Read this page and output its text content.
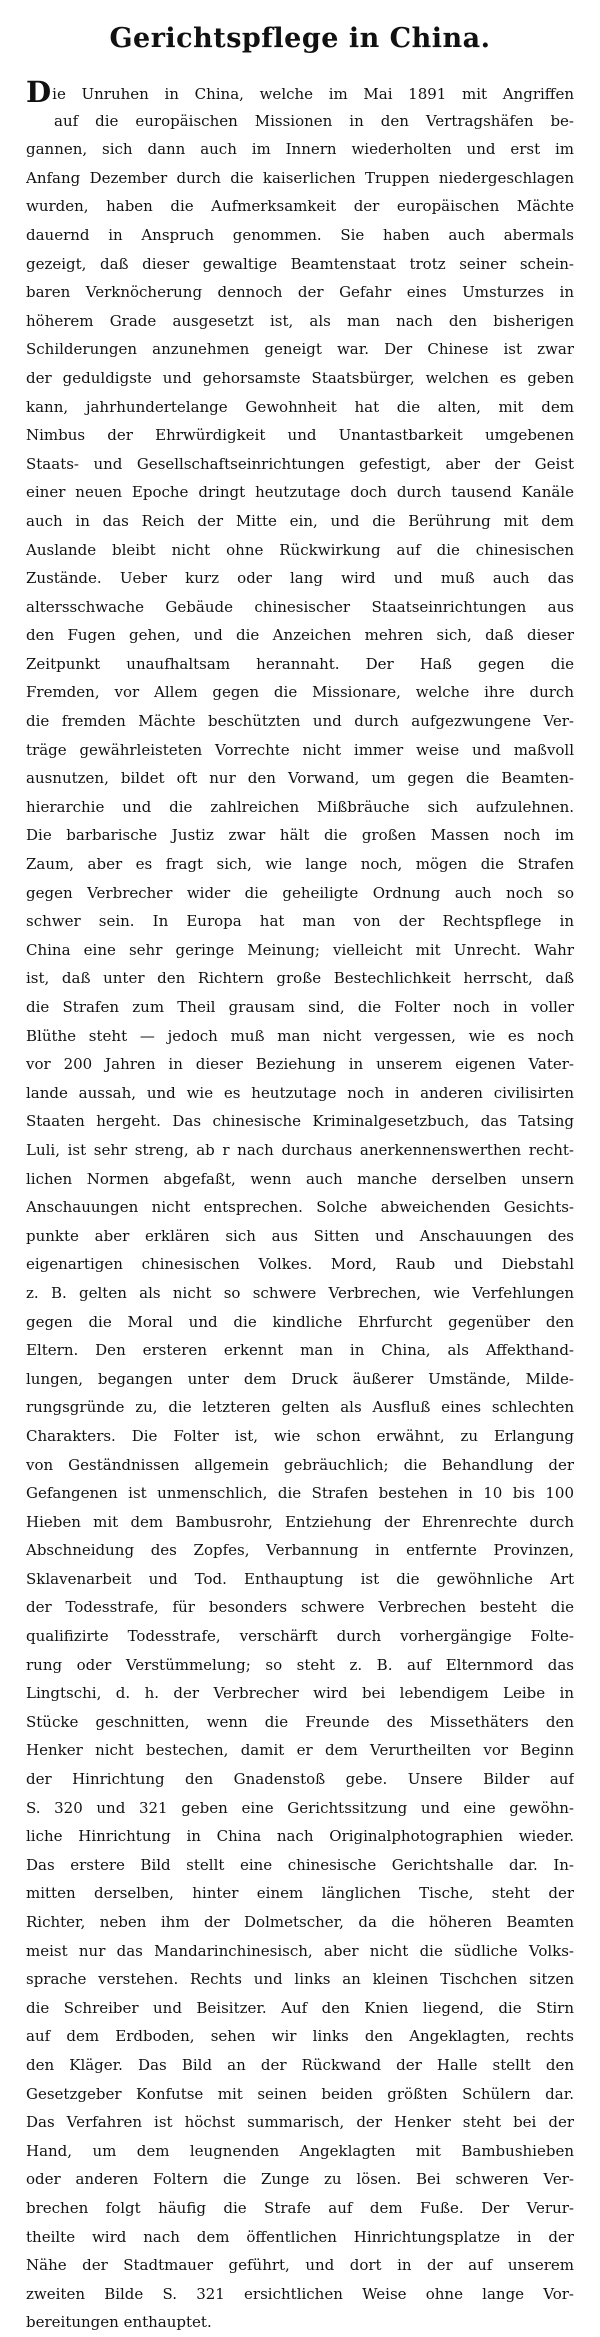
Gerichtspflege in China.
Die Unruhen in China, welche im Mai 1891 mit Angriffen
auf die europäischen Missionen in den Vertragshäfen be-
gannen, sich dann auch im Innern wiederholten und erst im
Anfang Dezember durch die kaiserlichen Truppen niedergeschlagen
wurden, haben die Aufmerksamkeit der europäischen Mächte
dauernd in Anspruch genommen. Sie haben auch abermals
gezeigt, daß dieser gewaltige Beamtenstaat trotz seiner schein-
baren Verknöcherung dennoch der Gefahr eines Umsturzes in
höherem Grade ausgesetzt ist, als man nach den bisherigen
Schilderungen anzunehmen geneigt war. Der Chinese ist zwar
der geduldigste und gehorsamste Staatsbürger, welchen es geben
kann, jahrhundertelange Gewohnheit hat die alten, mit dem
Nimbus der Ehrwürdigkeit und Unantastbarkeit umgebenen
Staats- und Gesellschaftseinrichtungen gefestigt, aber der Geist
einer neuen Epoche dringt heutzutage doch durch tausend Kanäle
auch in das Reich der Mitte ein, und die Berührung mit dem
Auslande bleibt nicht ohne Rückwirkung auf die chinesischen
Zustände. Ueber kurz oder lang wird und muß auch das
altersschwache Gebäude chinesischer Staatseinrichtungen aus
den Fugen gehen, und die Anzeichen mehren sich, daß dieser
Zeitpunkt unaufhaltsam herannaht. Der Haß gegen die
Fremden, vor Allem gegen die Missionare, welche ihre durch
die fremden Mächte beschützten und durch aufgezwungene Ver-
träge gewährleisteten Vorrechte nicht immer weise und maßvoll
ausnutzen, bildet oft nur den Vorwand, um gegen die Beamten-
hierarchie und die zahlreichen Mißbräuche sich aufzulehnen.
Die barbarische Justiz zwar hält die großen Massen noch im
Zaum, aber es fragt sich, wie lange noch, mögen die Strafen
gegen Verbrecher wider die geheiligte Ordnung auch noch so
schwer sein. In Europa hat man von der Rechtspflege in
China eine sehr geringe Meinung; vielleicht mit Unrecht. Wahr
ist, daß unter den Richtern große Bestechlichkeit herrscht, daß
die Strafen zum Theil grausam sind, die Folter noch in voller
Blüthe steht — jedoch muß man nicht vergessen, wie es noch
vor 200 Jahren in dieser Beziehung in unserem eigenen Vater-
lande aussah, und wie es heutzutage noch in anderen civilisirten
Staaten hergeht. Das chinesische Kriminalgesetzbuch, das Tatsing
Luli, ist sehr streng, ab r nach durchaus anerkennenswerthen recht-
lichen Normen abgefaßt, wenn auch manche derselben unsern
Anschauungen nicht entsprechen. Solche abweichenden Gesichts-
punkte aber erklären sich aus Sitten und Anschauungen des
eigenartigen chinesischen Volkes. Mord, Raub und Diebstahl
z. B. gelten als nicht so schwere Verbrechen, wie Verfehlungen
gegen die Moral und die kindliche Ehrfurcht gegenüber den
Eltern. Den ersteren erkennt man in China, als Affekthand-
lungen, begangen unter dem Druck äußerer Umstände, Milde-
rungsgründe zu, die letzteren gelten als Ausfluß eines schlechten
Charakters. Die Folter ist, wie schon erwähnt, zu Erlangung
von Geständnissen allgemein gebräuchlich; die Behandlung der
Gefangenen ist unmenschlich, die Strafen bestehen in 10 bis 100
Hieben mit dem Bambusrohr, Entziehung der Ehrenrechte durch
Abschneidung des Zopfes, Verbannung in entfernte Provinzen,
Sklavenarbeit und Tod. Enthauptung ist die gewöhnliche Art
der Todesstrafe, für besonders schwere Verbrechen besteht die
qualifizirte Todesstrafe, verschärft durch vorhergängige Folte-
rung oder Verstümmelung; so steht z. B. auf Elternmord das
Lingtschi, d. h. der Verbrecher wird bei lebendigem Leibe in
Stücke geschnitten, wenn die Freunde des Missethäters den
Henker nicht bestechen, damit er dem Verurtheilten vor Beginn
der Hinrichtung den Gnadenstoß gebe. Unsere Bilder auf
S. 320 und 321 geben eine Gerichtssitzung und eine gewöhn-
liche Hinrichtung in China nach Originalphotographien wieder.
Das erstere Bild stellt eine chinesische Gerichtshalle dar. In-
mitten derselben, hinter einem länglichen Tische, steht der
Richter, neben ihm der Dolmetscher, da die höheren Beamten
meist nur das Mandarinchinesisch, aber nicht die südliche Volks-
sprache verstehen. Rechts und links an kleinen Tischchen sitzen
die Schreiber und Beisitzer. Auf den Knien liegend, die Stirn
auf dem Erdboden, sehen wir links den Angeklagten, rechts
den Kläger. Das Bild an der Rückwand der Halle stellt den
Gesetzgeber Konfutse mit seinen beiden größten Schülern dar.
Das Verfahren ist höchst summarisch, der Henker steht bei der
Hand, um dem leugnenden Angeklagten mit Bambushieben
oder anderen Foltern die Zunge zu lösen. Bei schweren Ver-
brechen folgt häufig die Strafe auf dem Fuße. Der Verur-
theilte wird nach dem öffentlichen Hinrichtungsplatze in der
Nähe der Stadtmauer geführt, und dort in der auf unserem
zweiten Bilde S. 321 ersichtlichen Weise ohne lange Vor-
bereitungen enthauptet.
